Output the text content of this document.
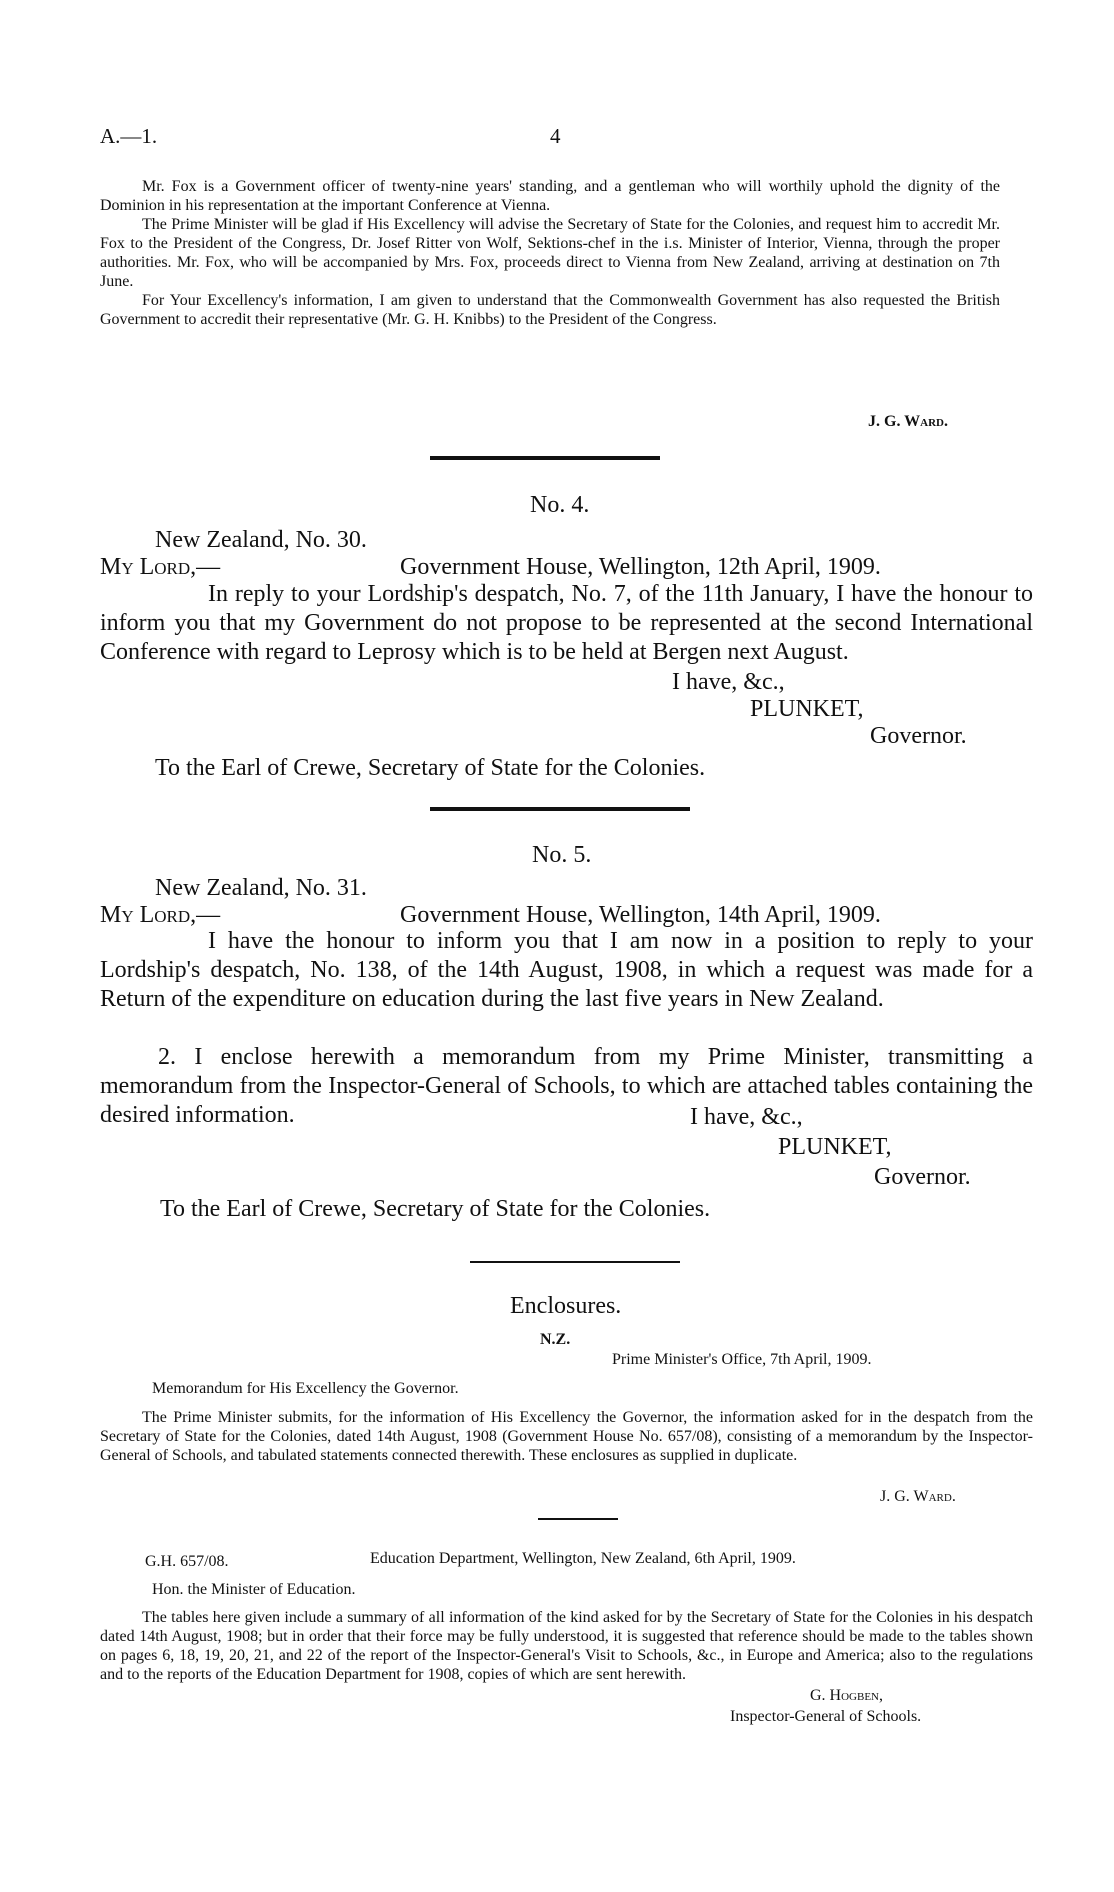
A.—1.	4

Mr. Fox is a Government officer of twenty-nine years' standing, and a gentleman who will worthily uphold the dignity of the Dominion in his representation at the important Conference at Vienna.

The Prime Minister will be glad if His Excellency will advise the Secretary of State for the Colonies, and request him to accredit Mr. Fox to the President of the Congress, Dr. Josef Ritter von Wolf, Sektions-chef in the i.s. Minister of Interior, Vienna, through the proper authorities. Mr. Fox, who will be accompanied by Mrs. Fox, proceeds direct to Vienna from New Zealand, arriving at destination on 7th June.

For Your Excellency's information, I am given to understand that the Commonwealth Government has also requested the British Government to accredit their representative (Mr. G. H. Knibbs) to the President of the Congress.

J. G. Ward.
No. 4.
New Zealand, No. 30.
My Lord,—	Government House, Wellington, 12th April, 1909.
In reply to your Lordship's despatch, No. 7, of the 11th January, I have the honour to inform you that my Government do not propose to be represented at the second International Conference with regard to Leprosy which is to be held at Bergen next August.
I have, &c.,
PLUNKET,
Governor.
To the Earl of Crewe, Secretary of State for the Colonies.
No. 5.
New Zealand, No. 31.
My Lord,—	Government House, Wellington, 14th April, 1909.
I have the honour to inform you that I am now in a position to reply to your Lordship's despatch, No. 138, of the 14th August, 1908, in which a request was made for a Return of the expenditure on education during the last five years in New Zealand.
2. I enclose herewith a memorandum from my Prime Minister, transmitting a memorandum from the Inspector-General of Schools, to which are attached tables containing the desired information.	I have, &c.,
PLUNKET,
Governor.
To the Earl of Crewe, Secretary of State for the Colonies.
Enclosures.
N.Z.
Prime Minister's Office, 7th April, 1909.
Memorandum for His Excellency the Governor.
The Prime Minister submits, for the information of His Excellency the Governor, the information asked for in the despatch from the Secretary of State for the Colonies, dated 14th August, 1908 (Government House No. 657/08), consisting of a memorandum by the Inspector-General of Schools, and tabulated statements connected therewith. These enclosures as supplied in duplicate.
J. G. Ward.
G.H. 657/08.	Education Department, Wellington, New Zealand, 6th April, 1909.
Hon. the Minister of Education.
The tables here given include a summary of all information of the kind asked for by the Secretary of State for the Colonies in his despatch dated 14th August, 1908; but in order that their force may be fully understood, it is suggested that reference should be made to the tables shown on pages 6, 18, 19, 20, 21, and 22 of the report of the Inspector-General's Visit to Schools, &c., in Europe and America; also to the regulations and to the reports of the Education Department for 1908, copies of which are sent herewith.
G. Hogben,
Inspector-General of Schools.
